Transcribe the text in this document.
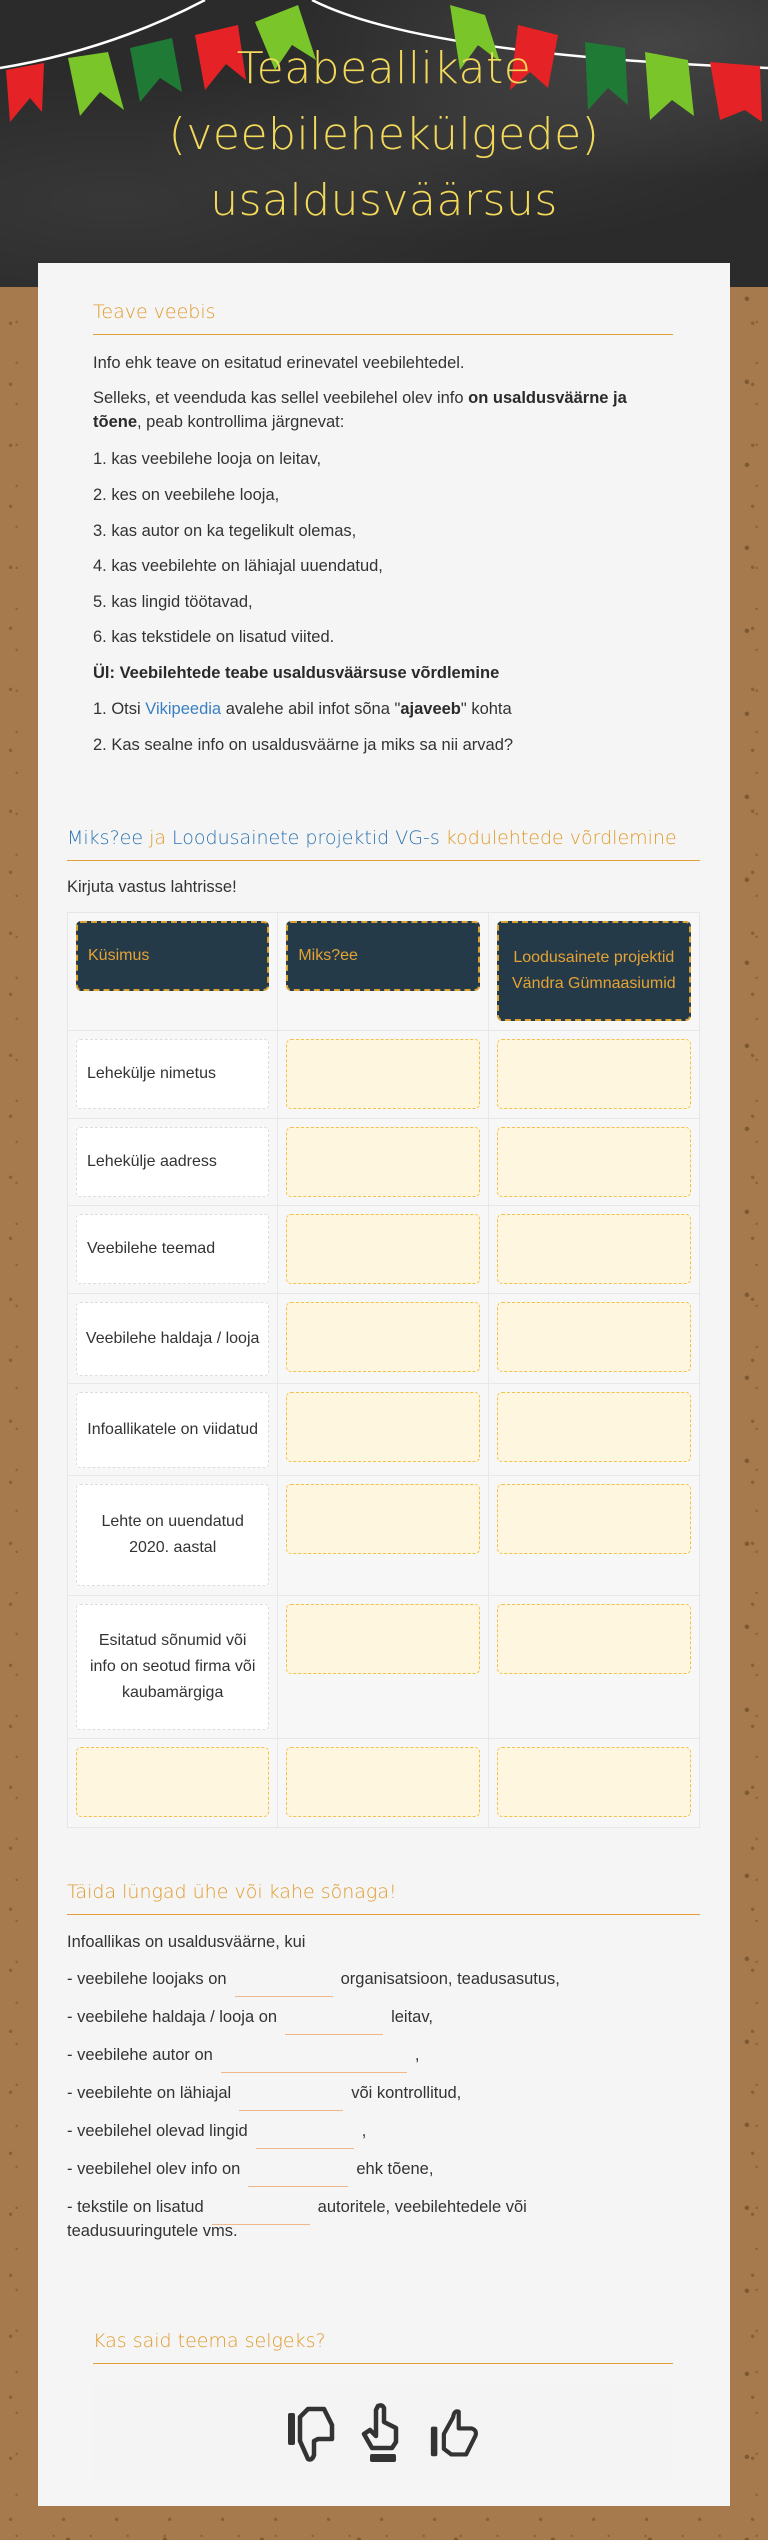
Teabeallikate
(veebilehekülgede)
usaldusväärsus
Teave veebis
Info ehk teave on esitatud erinevatel veebilehtedel.
Selleks, et veenduda kas sellel veebilehel olev info on usaldusväärne ja tõene, peab kontrollima järgnevat:
1. kas veebilehe looja on leitav,
2. kes on veebilehe looja,
3. kas autor on ka tegelikult olemas,
4. kas veebilehte on lähiajal uuendatud,
5. kas lingid töötavad,
6. kas tekstidele on lisatud viited.
Ül: Veebilehtede teabe usaldusväärsuse võrdlemine
1. Otsi Vikipeedia avalehe abil infot sõna "ajaveeb" kohta
2. Kas sealne info on usaldusväärne ja miks sa nii arvad?
Miks?ee ja Loodusainete projektid VG-s kodulehtede võrdlemine
Kirjuta vastus lahtrisse!
Küsimus	Miks?ee	Loodusainete projektid Vändra Gümnaasiumid
Lehekülje nimetus
Lehekülje aadress
Veebilehe teemad
Veebilehe haldaja / looja
Infoallikatele on viidatud
Lehte on uuendatud 2020. aastal
Esitatud sõnumid või info on seotud firma või kaubamärgiga
Täida lüngad ühe või kahe sõnaga!
Infoallikas on usaldusväärne, kui
- veebilehe loojaks on	organisatsioon, teadusasutus,
- veebilehe haldaja / looja on	leitav,
- veebilehe autor on	,
- veebilehte on lähiajal	või kontrollitud,
- veebilehel olevad lingid	,
- veebilehel olev info on	ehk tõene,
- tekstile on lisatud	autoritele, veebilehtedele või
teadusuuringutele vms.
Kas said teema selgeks?
